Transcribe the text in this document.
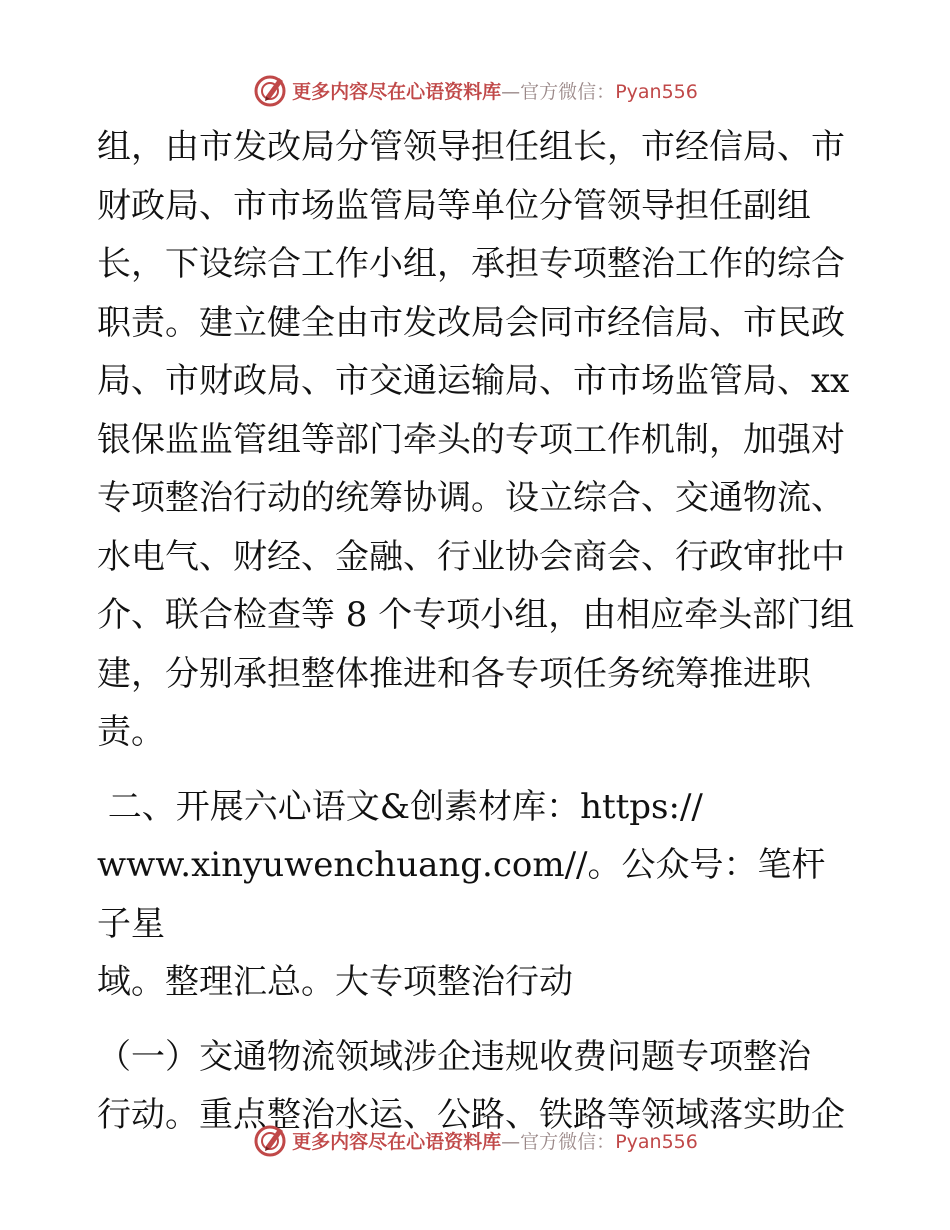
更多内容尽在心语资料库—官方微信：Pyan556
组，由市发改局分管领导担任组长，市经信局、市
财政局、市市场监管局等单位分管领导担任副组
长，下设综合工作小组，承担专项整治工作的综合
职责。建立健全由市发改局会同市经信局、市民政
局、市财政局、市交通运输局、市市场监管局、xx
银保监监管组等部门牵头的专项工作机制，加强对
专项整治行动的统筹协调。设立综合、交通物流、
水电气、财经、金融、行业协会商会、行政审批中
介、联合检查等 8 个专项小组，由相应牵头部门组
建，分别承担整体推进和各专项任务统筹推进职
责。
二、开展六心语文&创素材库：https://
www.xinyuwenchuang.com//。公众号：笔杆子星
域。整理汇总。大专项整治行动
（一）交通物流领域涉企违规收费问题专项整治
行动。重点整治水运、公路、铁路等领域落实助企
更多内容尽在心语资料库—官方微信：Pyan556
